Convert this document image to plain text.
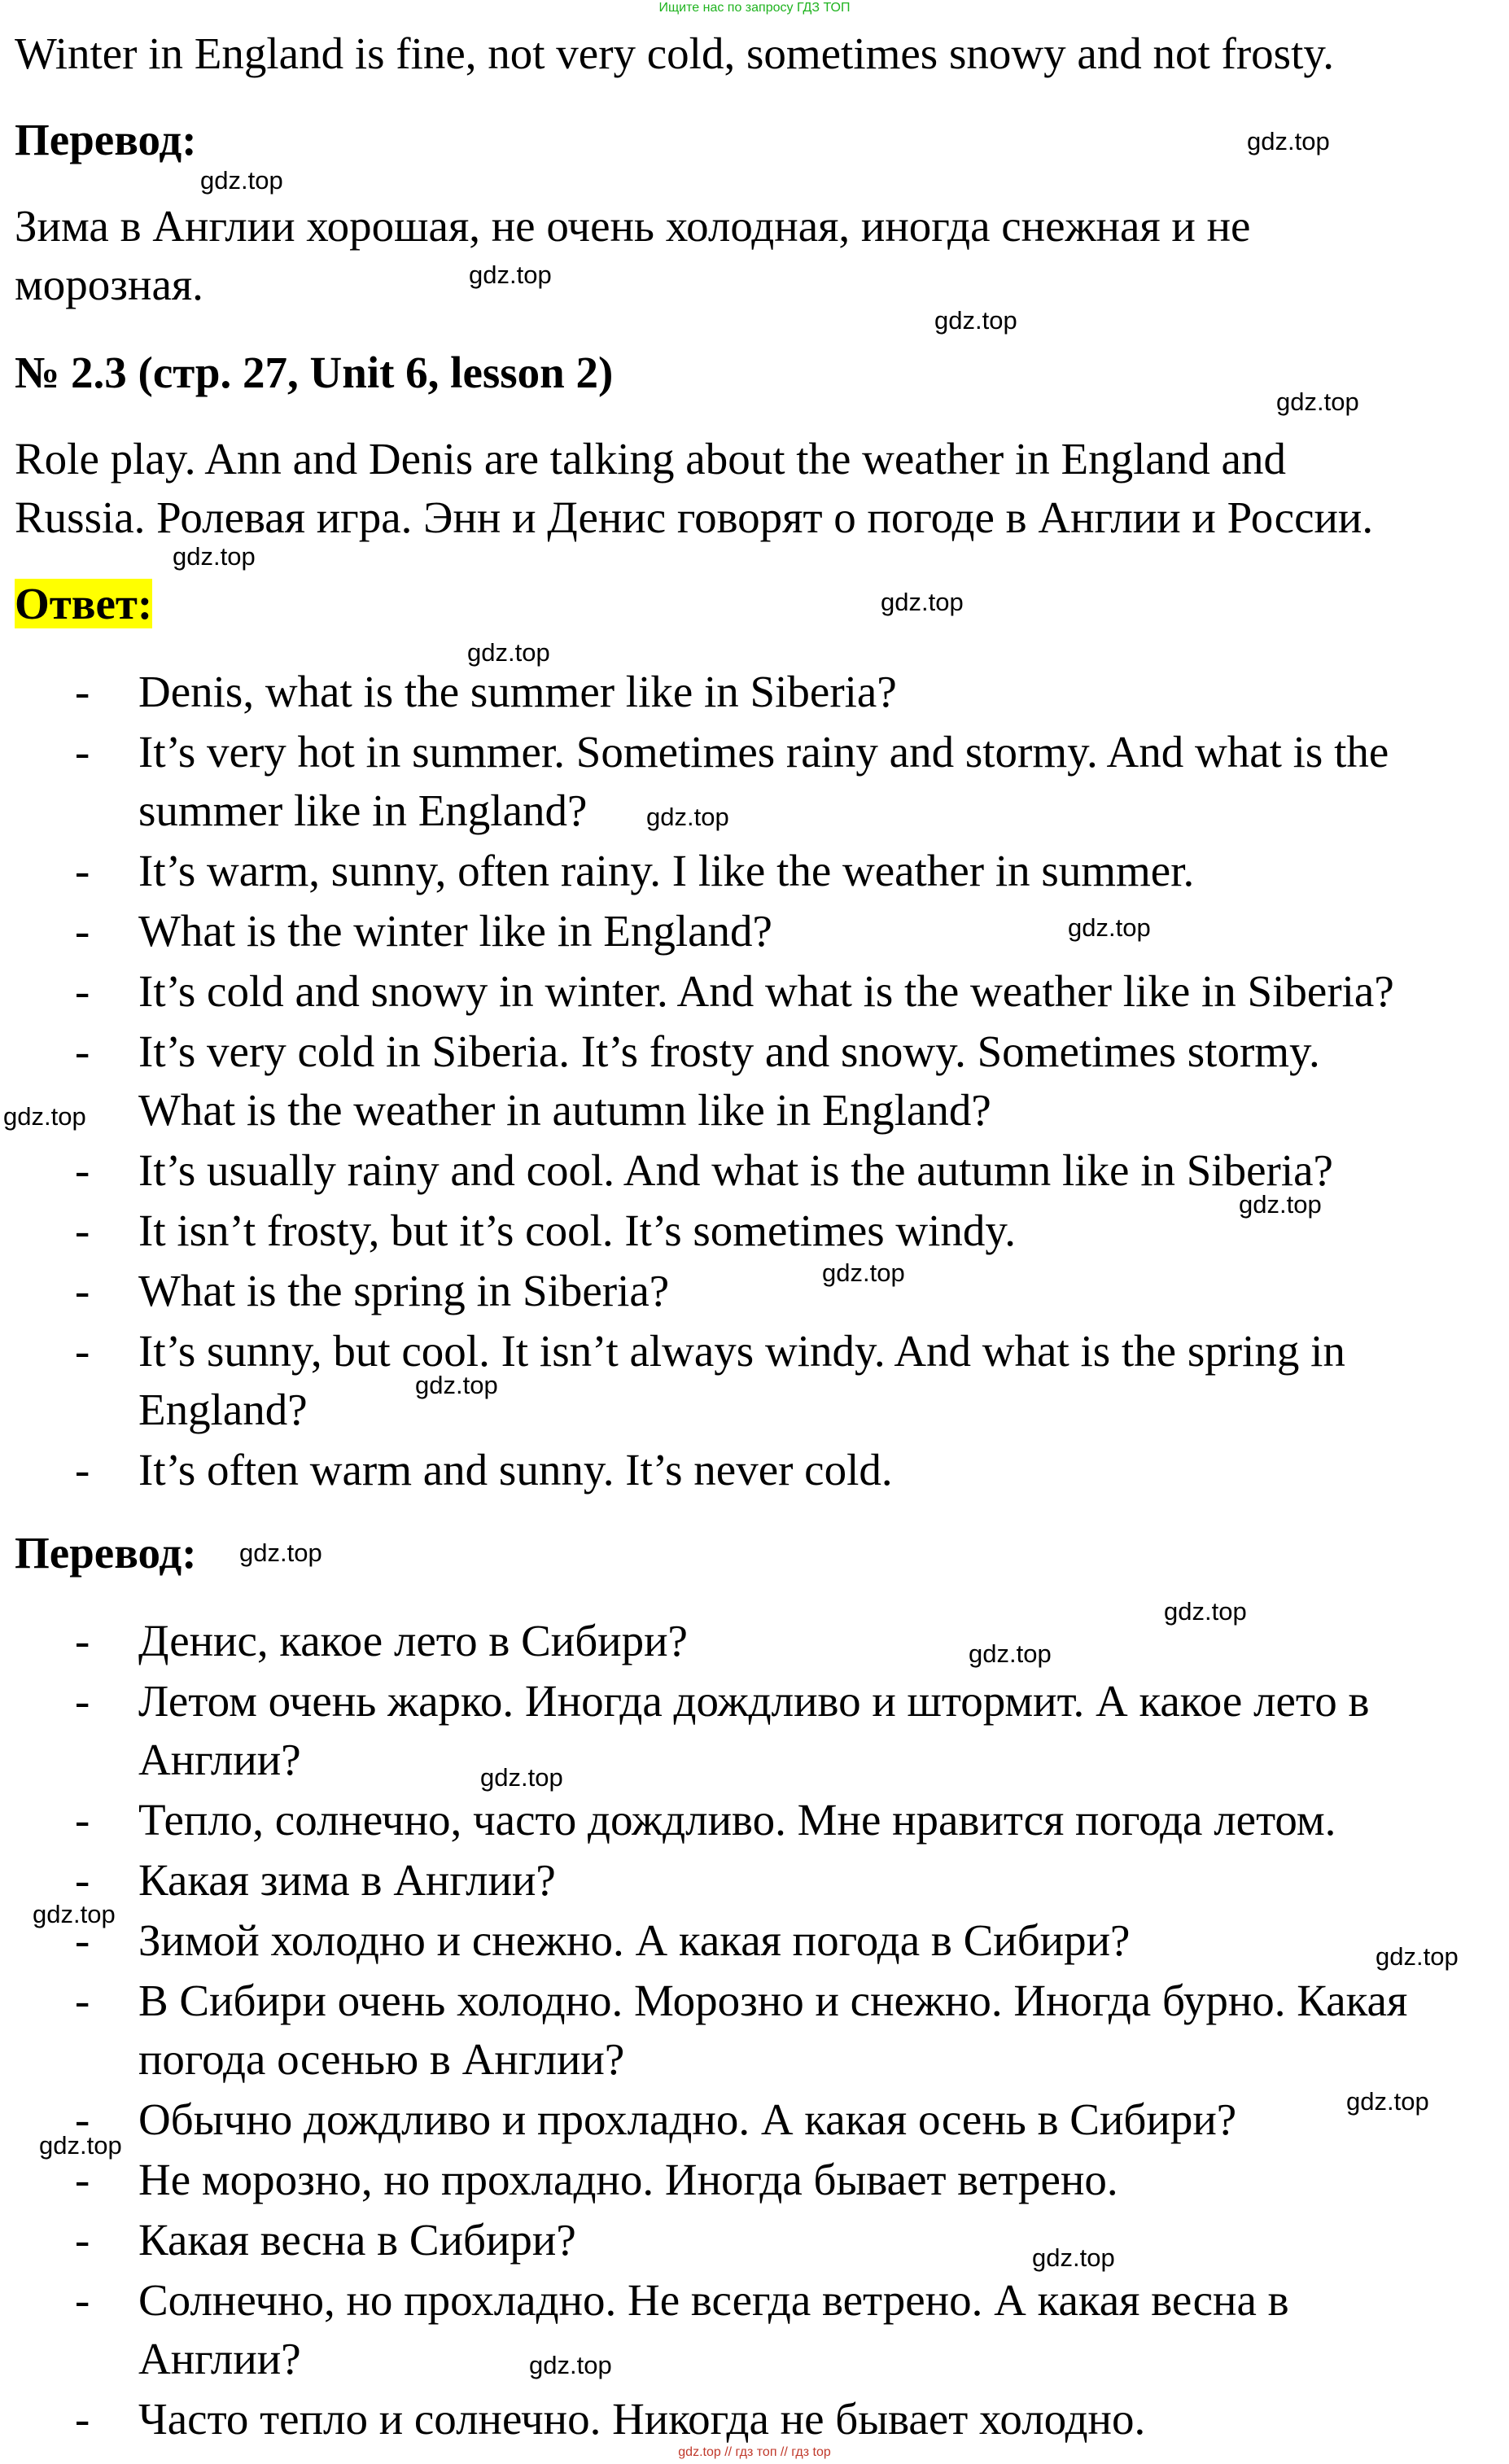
Ищите нас по запросу ГДЗ ТОП
Winter in England is fine, not very cold, sometimes snowy and not frosty.
Перевод:
Зима в Англии хорошая, не очень холодная, иногда снежная и не
морозная.
№ 2.3 (стр. 27, Unit 6, lesson 2)
Role play. Ann and Denis are talking about the weather in England and
Russia. Ролевая игра. Энн и Денис говорят о погоде в Англии и России.
Ответ:
- Denis, what is the summer like in Siberia?
- It’s very hot in summer. Sometimes rainy and stormy. And what is the
summer like in England?
- It’s warm, sunny, often rainy. I like the weather in summer.
- What is the winter like in England?
- It’s cold and snowy in winter. And what is the weather like in Siberia?
- It’s very cold in Siberia. It’s frosty and snowy. Sometimes stormy.
What is the weather in autumn like in England?
- It’s usually rainy and cool. And what is the autumn like in Siberia?
- It isn’t frosty, but it’s cool. It’s sometimes windy.
- What is the spring in Siberia?
- It’s sunny, but cool. It isn’t always windy. And what is the spring in
England?
- It’s often warm and sunny. It’s never cold.
Перевод:
- Денис, какое лето в Сибири?
- Летом очень жарко. Иногда дождливо и штормит. А какое лето в
Англии?
- Тепло, солнечно, часто дождливо. Мне нравится погода летом.
- Какая зима в Англии?
- Зимой холодно и снежно. А какая погода в Сибири?
- В Сибири очень холодно. Морозно и снежно. Иногда бурно. Какая
погода осенью в Англии?
- Обычно дождливо и прохладно. А какая осень в Сибири?
- Не морозно, но прохладно. Иногда бывает ветрено.
- Какая весна в Сибири?
- Солнечно, но прохладно. Не всегда ветрено. А какая весна в
Англии?
- Часто тепло и солнечно. Никогда не бывает холодно.
gdz.top
gdz.top
gdz.top
gdz.top
gdz.top
gdz.top
gdz.top
gdz.top
gdz.top
gdz.top
gdz.top
gdz.top
gdz.top
gdz.top
gdz.top
gdz.top
gdz.top
gdz.top
gdz.top
gdz.top
gdz.top
gdz.top
gdz.top
gdz.top
gdz.top // гдз топ // гдз top
